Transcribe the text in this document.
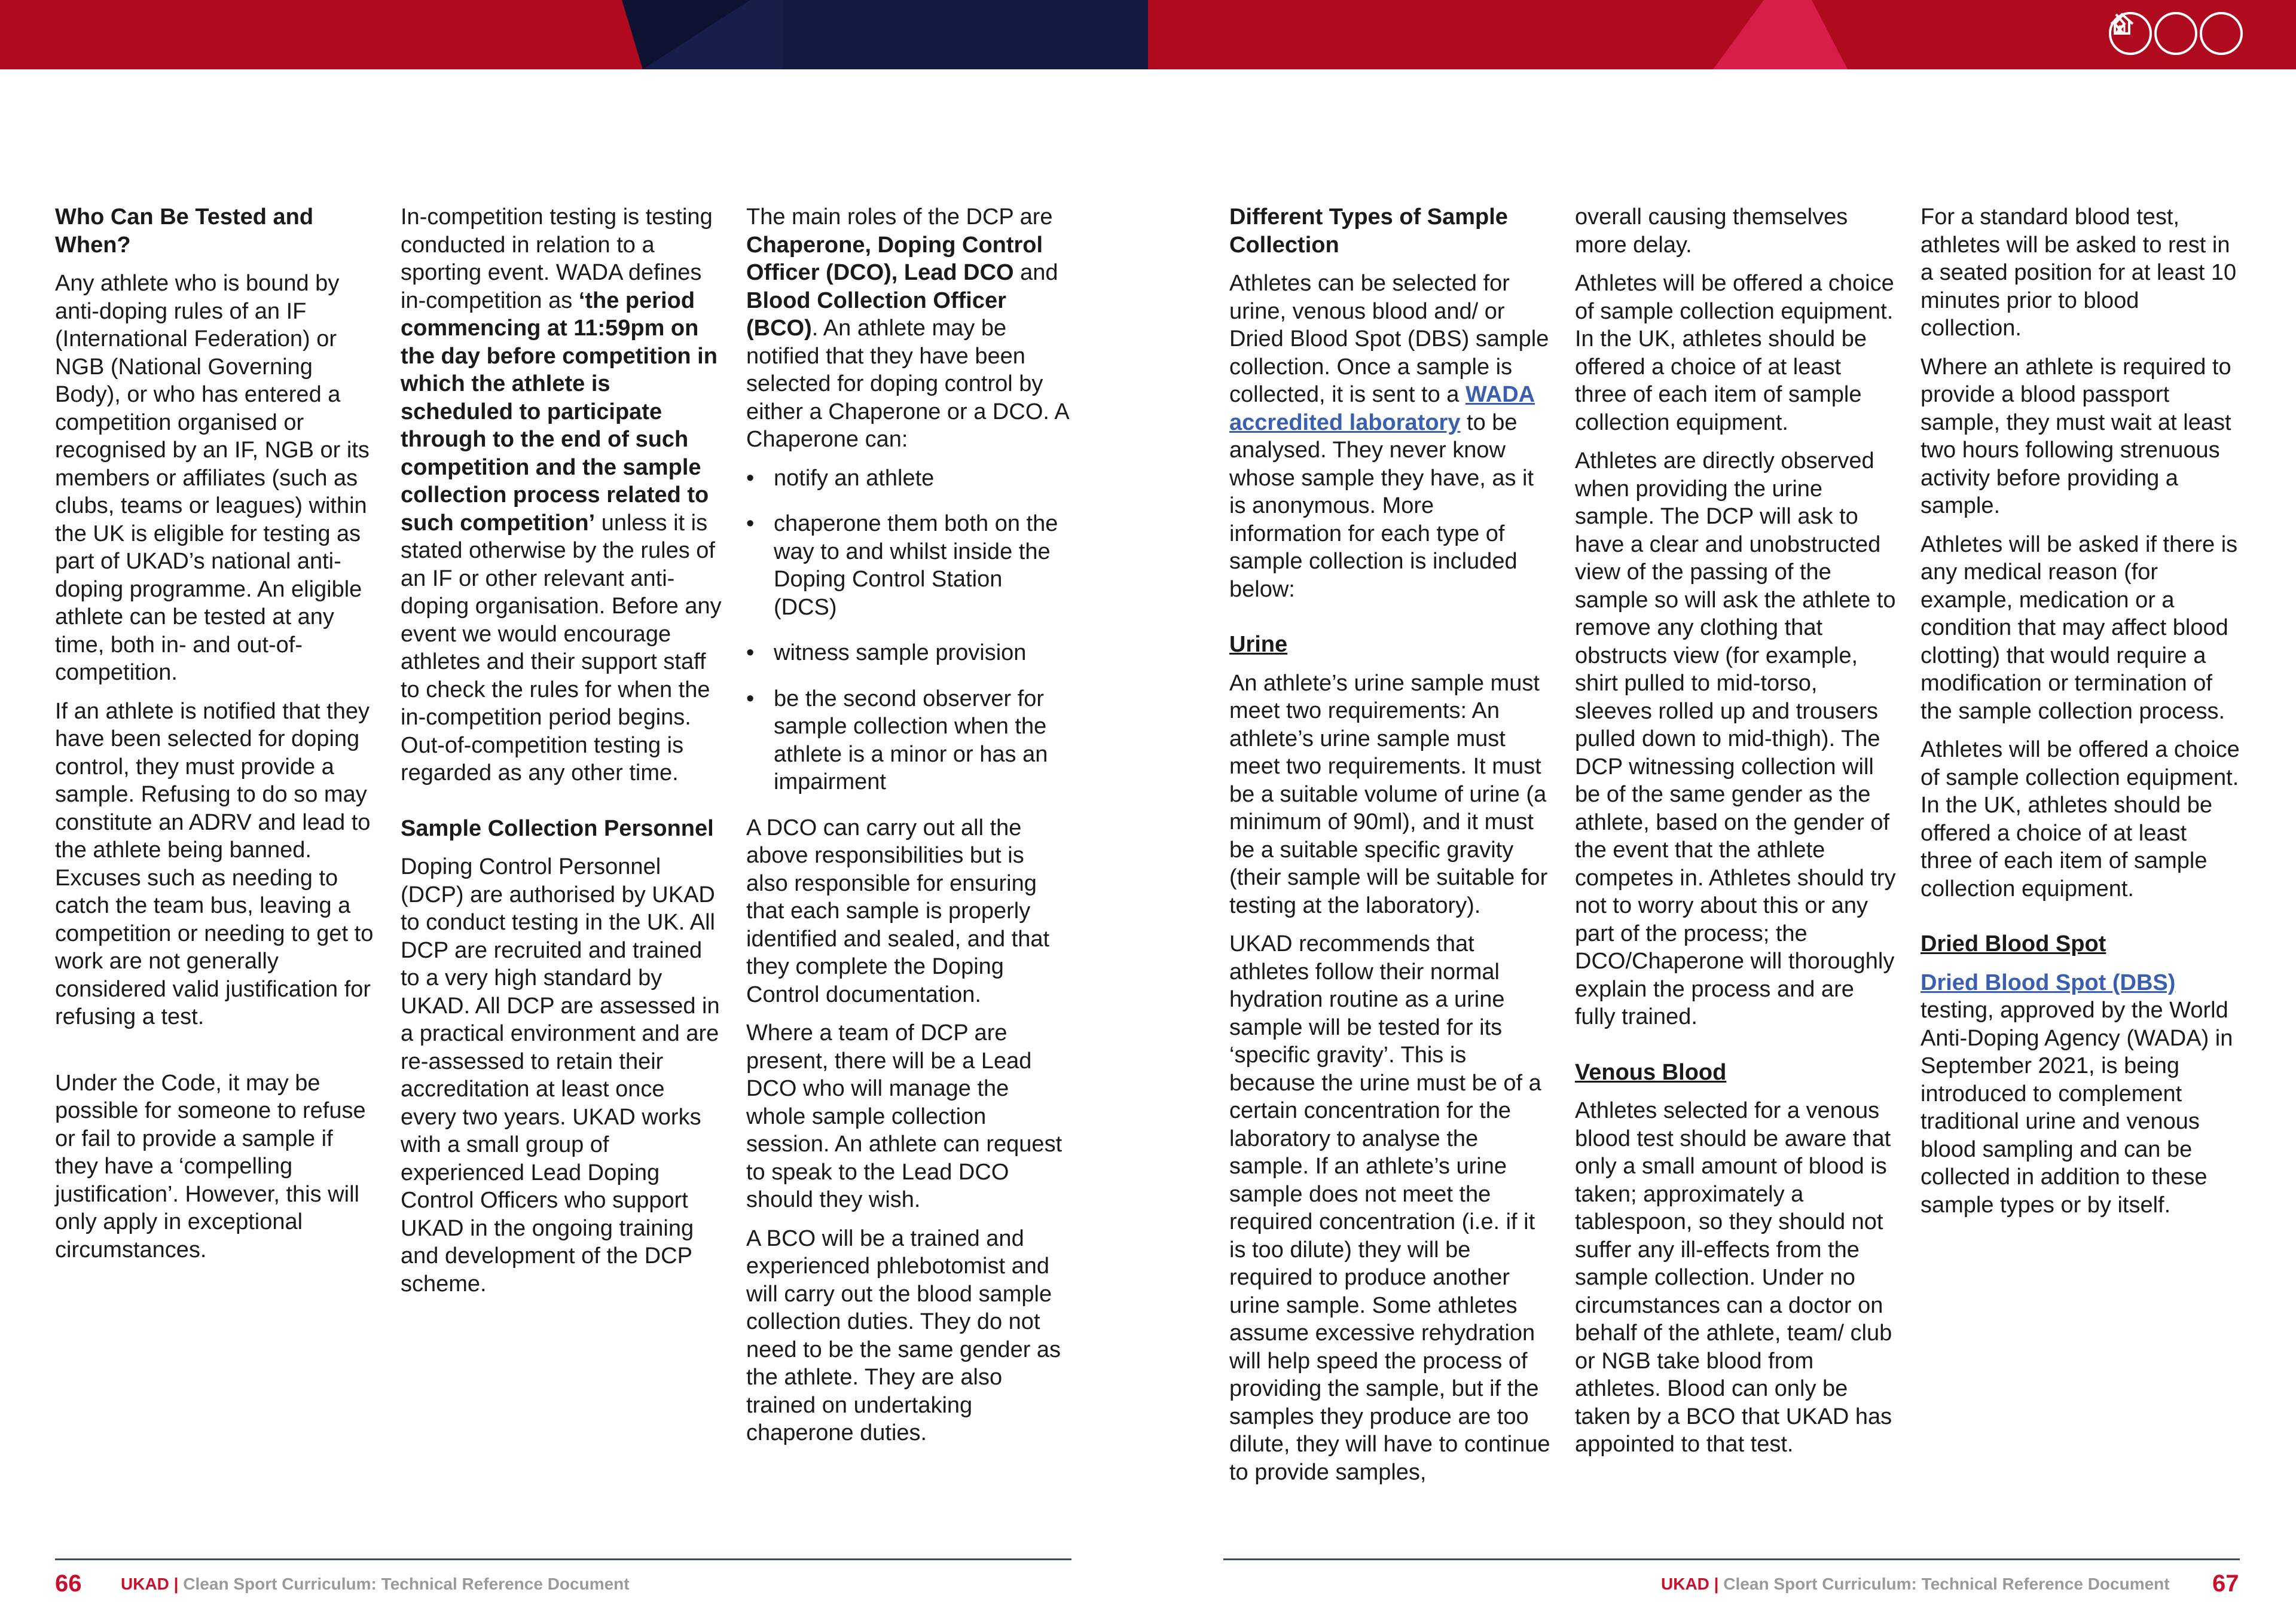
Who Can Be Tested and When?

Any athlete who is bound by anti-doping rules of an IF (International Federation) or NGB (National Governing Body), or who has entered a competition organised or recognised by an IF, NGB or its members or affiliates (such as clubs, teams or leagues) within the UK is eligible for testing as part of UKAD’s national anti-doping programme. An eligible athlete can be tested at any time, both in- and out-of-competition.

If an athlete is notified that they have been selected for doping control, they must provide a sample. Refusing to do so may constitute an ADRV and lead to the athlete being banned. Excuses such as needing to catch the team bus, leaving a competition or needing to get to work are not generally considered valid justification for refusing a test.

Under the Code, it may be possible for someone to refuse or fail to provide a sample if they have a ‘compelling justification’. However, this will only apply in exceptional circumstances.

In-competition testing is testing conducted in relation to a sporting event. WADA defines in-competition as ‘the period commencing at 11:59pm on the day before competition in which the athlete is scheduled to participate through to the end of such competition and the sample collection process related to such competition’ unless it is stated otherwise by the rules of an IF or other relevant anti-doping organisation. Before any event we would encourage athletes and their support staff to check the rules for when the in-competition period begins. Out-of-competition testing is regarded as any other time.

Sample Collection Personnel

Doping Control Personnel (DCP) are authorised by UKAD to conduct testing in the UK. All DCP are recruited and trained to a very high standard by UKAD. All DCP are assessed in a practical environment and are re-assessed to retain their accreditation at least once every two years. UKAD works with a small group of experienced Lead Doping Control Officers who support UKAD in the ongoing training and development of the DCP scheme.

The main roles of the DCP are Chaperone, Doping Control Officer (DCO), Lead DCO and Blood Collection Officer (BCO). An athlete may be notified that they have been selected for doping control by either a Chaperone or a DCO. A Chaperone can:

• notify an athlete
• chaperone them both on the way to and whilst inside the Doping Control Station (DCS)
• witness sample provision
• be the second observer for sample collection when the athlete is a minor or has an impairment

A DCO can carry out all the above responsibilities but is also responsible for ensuring that each sample is properly identified and sealed, and that they complete the Doping Control documentation.

Where a team of DCP are present, there will be a Lead DCO who will manage the whole sample collection session. An athlete can request to speak to the Lead DCO should they wish.

A BCO will be a trained and experienced phlebotomist and will carry out the blood sample collection duties. They do not need to be the same gender as the athlete. They are also trained on undertaking chaperone duties.

Different Types of Sample Collection

Athletes can be selected for urine, venous blood and/ or Dried Blood Spot (DBS) sample collection. Once a sample is collected, it is sent to a WADA accredited laboratory to be analysed. They never know whose sample they have, as it is anonymous. More information for each type of sample collection is included below:

Urine

An athlete’s urine sample must meet two requirements: An athlete’s urine sample must meet two requirements. It must be a suitable volume of urine (a minimum of 90ml), and it must be a suitable specific gravity (their sample will be suitable for testing at the laboratory).

UKAD recommends that athletes follow their normal hydration routine as a urine sample will be tested for its ‘specific gravity’. This is because the urine must be of a certain concentration for the laboratory to analyse the sample. If an athlete’s urine sample does not meet the required concentration (i.e. if it is too dilute) they will be required to produce another urine sample. Some athletes assume excessive rehydration will help speed the process of providing the sample, but if the samples they produce are too dilute, they will have to continue to provide samples,

overall causing themselves more delay.

Athletes will be offered a choice of sample collection equipment. In the UK, athletes should be offered a choice of at least three of each item of sample collection equipment.

Athletes are directly observed when providing the urine sample. The DCP will ask to have a clear and unobstructed view of the passing of the sample so will ask the athlete to remove any clothing that obstructs view (for example, shirt pulled to mid-torso, sleeves rolled up and trousers pulled down to mid-thigh). The DCP witnessing collection will be of the same gender as the athlete, based on the gender of the event that the athlete competes in. Athletes should try not to worry about this or any part of the process; the DCO/Chaperone will thoroughly explain the process and are fully trained.

Venous Blood

Athletes selected for a venous blood test should be aware that only a small amount of blood is taken; approximately a tablespoon, so they should not suffer any ill-effects from the sample collection. Under no circumstances can a doctor on behalf of the athlete, team/ club or NGB take blood from athletes. Blood can only be taken by a BCO that UKAD has appointed to that test.

For a standard blood test, athletes will be asked to rest in a seated position for at least 10 minutes prior to blood collection.

Where an athlete is required to provide a blood passport sample, they must wait at least two hours following strenuous activity before providing a sample.

Athletes will be asked if there is any medical reason (for example, medication or a condition that may affect blood clotting) that would require a modification or termination of the sample collection process.

Athletes will be offered a choice of sample collection equipment. In the UK, athletes should be offered a choice of at least three of each item of sample collection equipment.

Dried Blood Spot

Dried Blood Spot (DBS) testing, approved by the World Anti-Doping Agency (WADA) in September 2021, is being introduced to complement traditional urine and venous blood sampling and can be collected in addition to these sample types or by itself.

66 UKAD | Clean Sport Curriculum: Technical Reference Document	UKAD | Clean Sport Curriculum: Technical Reference Document 67
